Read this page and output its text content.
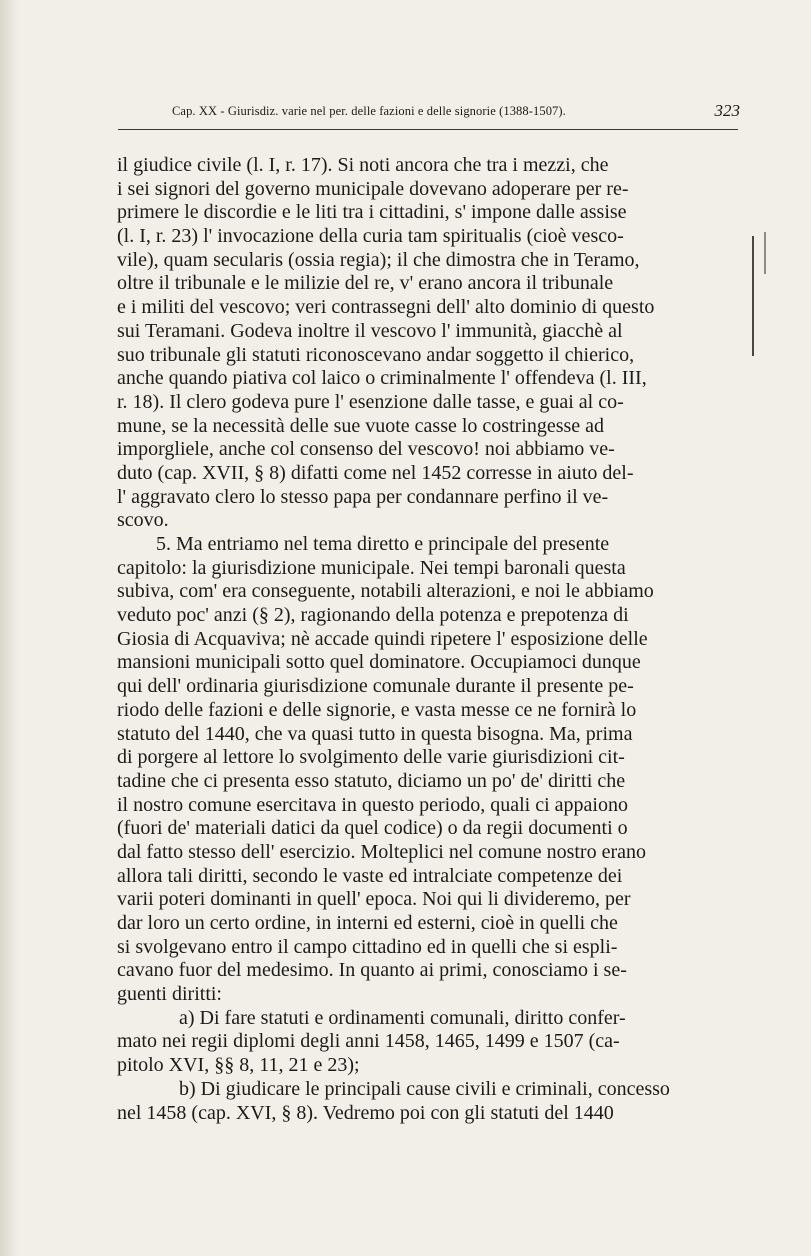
Cap. XX - Giurisdiz. varie nel per. delle fazioni e delle signorie (1388-1507).	323
il giudice civile (l. I, r. 17). Si noti ancora che tra i mezzi, che
i sei signori del governo municipale dovevano adoperare per re-
primere le discordie e le liti tra i cittadini, s' impone dalle assise
(l. I, r. 23) l' invocazione della curia tam spiritualis (cioè vesco-
vile), quam secularis (ossia regia); il che dimostra che in Teramo,
oltre il tribunale e le milizie del re, v' erano ancora il tribunale
e i militi del vescovo; veri contrassegni dell' alto dominio di questo
sui Teramani. Godeva inoltre il vescovo l' immunità, giacchè al
suo tribunale gli statuti riconoscevano andar soggetto il chierico,
anche quando piativa col laico o criminalmente l' offendeva (l. III,
r. 18). Il clero godeva pure l' esenzione dalle tasse, e guai al co-
mune, se la necessità delle sue vuote casse lo costringesse ad
imporgliele, anche col consenso del vescovo! noi abbiamo ve-
duto (cap. XVII, § 8) difatti come nel 1452 corresse in aiuto del-
l' aggravato clero lo stesso papa per condannare perfino il ve-
scovo.
5. Ma entriamo nel tema diretto e principale del presente
capitolo: la giurisdizione municipale. Nei tempi baronali questa
subiva, com' era conseguente, notabili alterazioni, e noi le abbiamo
veduto poc' anzi (§ 2), ragionando della potenza e prepotenza di
Giosia di Acquaviva; nè accade quindi ripetere l' esposizione delle
mansioni municipali sotto quel dominatore. Occupiamoci dunque
qui dell' ordinaria giurisdizione comunale durante il presente pe-
riodo delle fazioni e delle signorie, e vasta messe ce ne fornirà lo
statuto del 1440, che va quasi tutto in questa bisogna. Ma, prima
di porgere al lettore lo svolgimento delle varie giurisdizioni cit-
tadine che ci presenta esso statuto, diciamo un po' de' diritti che
il nostro comune esercitava in questo periodo, quali ci appaiono
(fuori de' materiali datici da quel codice) o da regii documenti o
dal fatto stesso dell' esercizio. Molteplici nel comune nostro erano
allora tali diritti, secondo le vaste ed intralciate competenze dei
varii poteri dominanti in quell' epoca. Noi qui li divideremo, per
dar loro un certo ordine, in interni ed esterni, cioè in quelli che
si svolgevano entro il campo cittadino ed in quelli che si espli-
cavano fuor del medesimo. In quanto ai primi, conosciamo i se-
guenti diritti:
a) Di fare statuti e ordinamenti comunali, diritto confer-
mato nei regii diplomi degli anni 1458, 1465, 1499 e 1507 (ca-
pitolo XVI, §§ 8, 11, 21 e 23);
b) Di giudicare le principali cause civili e criminali, concesso
nel 1458 (cap. XVI, § 8). Vedremo poi con gli statuti del 1440
